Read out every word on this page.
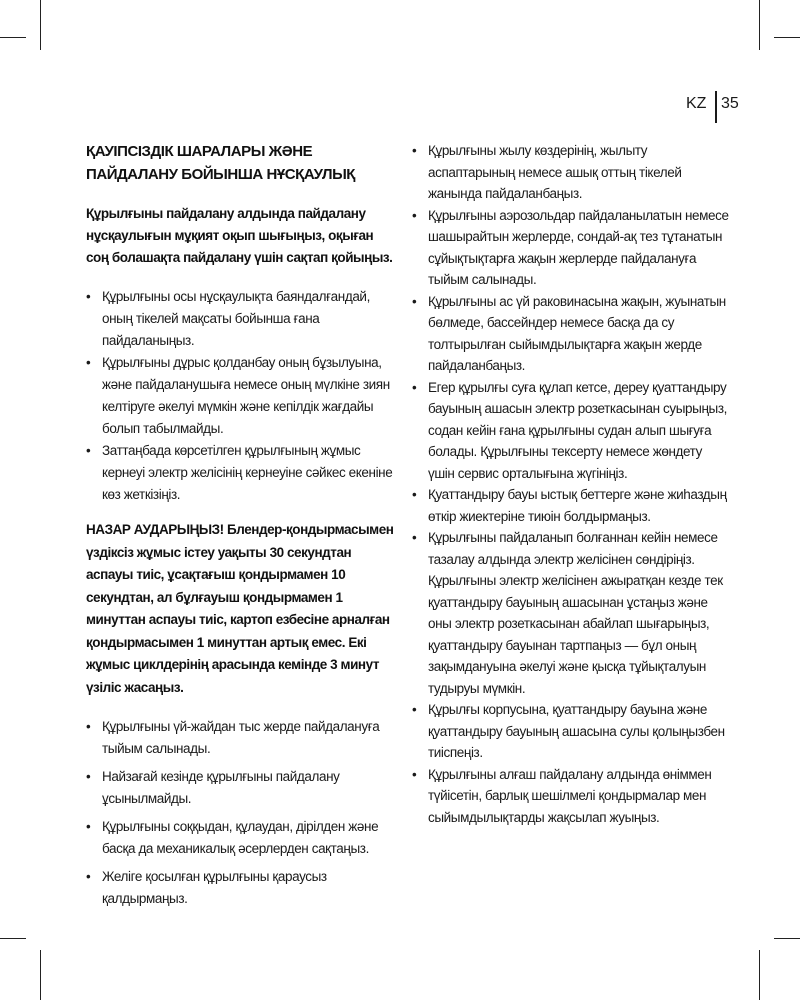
KZ 35
ҚАУІПСІЗДІК ШАРАЛАРЫ ЖӘНЕ ПАЙДАЛАНУ БОЙЫНША НҰСҚАУЛЫҚ

Құрылғыны пайдалану алдында пайдалану нұсқаулығын мұқият оқып шығыңыз, оқыған соң болашақта пайдалану үшін сақтап қойыңыз.

• Құрылғыны осы нұсқаулықта баяндалғандай, оның тікелей мақсаты бойынша ғана пайдаланыңыз.
• Құрылғыны дұрыс қолданбау оның бұзылуына, және пайдаланушыға немесе оның мүлкіне зиян келтіруге әкелуі мүмкін және кепілдік жағдайы болып табылмайды.
• Заттаңбада көрсетілген құрылғының жұмыс кернеуі электр желісінің кернеуіне сәйкес екеніне көз жеткізіңіз.

НАЗАР АУДАРЫҢЫЗ! Блендер-қондырмасымен үздіксіз жұмыс істеу уақыты 30 секундтан аспауы тиіс, ұсақтағыш қондырмамен 10 секундтан, ал бұлғауыш қондырмамен 1 минуттан аспауы тиіс, картоп езбесіне арналған қондырмасымен 1 минуттан артық емес. Екі жұмыс циклдерінің арасында кемінде 3 минут үзіліс жасаңыз.

• Құрылғыны үй-жайдан тыс жерде пайдалануға тыйым салынады.
• Найзағай кезінде құрылғыны пайдалану ұсынылмайды.
• Құрылғыны соққыдан, құлаудан, дірілден және басқа да механикалық әсерлерден сақтаңыз.
• Желіге қосылған құрылғыны қараусыз қалдырмаңыз.
• Құрылғыны жылу көздерінің, жылыту аспаптарының немесе ашық оттың тікелей жанында пайдаланбаңыз.
• Құрылғыны аэрозольдар пайдаланылатын немесе шашырайтын жерлерде, сондай-ақ тез тұтанатын сұйықтықтарға жақын жерлерде пайдалануға тыйым салынады.
• Құрылғыны ас үй раковинасына жақын, жуынатын бөлмеде, бассейндер немесе басқа да су толтырылған сыйымдылықтарға жақын жерде пайдаланбаңыз.
• Егер құрылғы суға құлап кетсе, дереу қуаттандыру бауының ашасын электр розеткасынан суырыңыз, содан кейін ғана құрылғыны судан алып шығуға болады. Құрылғыны тексерту немесе жөндету үшін сервис орталығына жүгініңіз.
• Қуаттандыру бауы ыстық беттерге және жиһаздың өткір жиектеріне тиюін болдырмаңыз.
• Құрылғыны пайдаланып болғаннан кейін немесе тазалау алдында электр желісінен сөндіріңіз. Құрылғыны электр желісінен ажыратқан кезде тек қуаттандыру бауының ашасынан ұстаңыз және оны электр розеткасынан абайлап шығарыңыз, қуаттандыру бауынан тартпаңыз — бұл оның зақымдануына әкелуі және қысқа тұйықталуын тудыруы мүмкін.
• Құрылғы корпусына, қуаттандыру бауына және қуаттандыру бауының ашасына сулы қолыңызбен тиіспеңіз.
• Құрылғыны алғаш пайдалану алдында өніммен түйісетін, барлық шешілмелі қондырмалар мен сыйымдылықтарды жақсылап жуыңыз.
